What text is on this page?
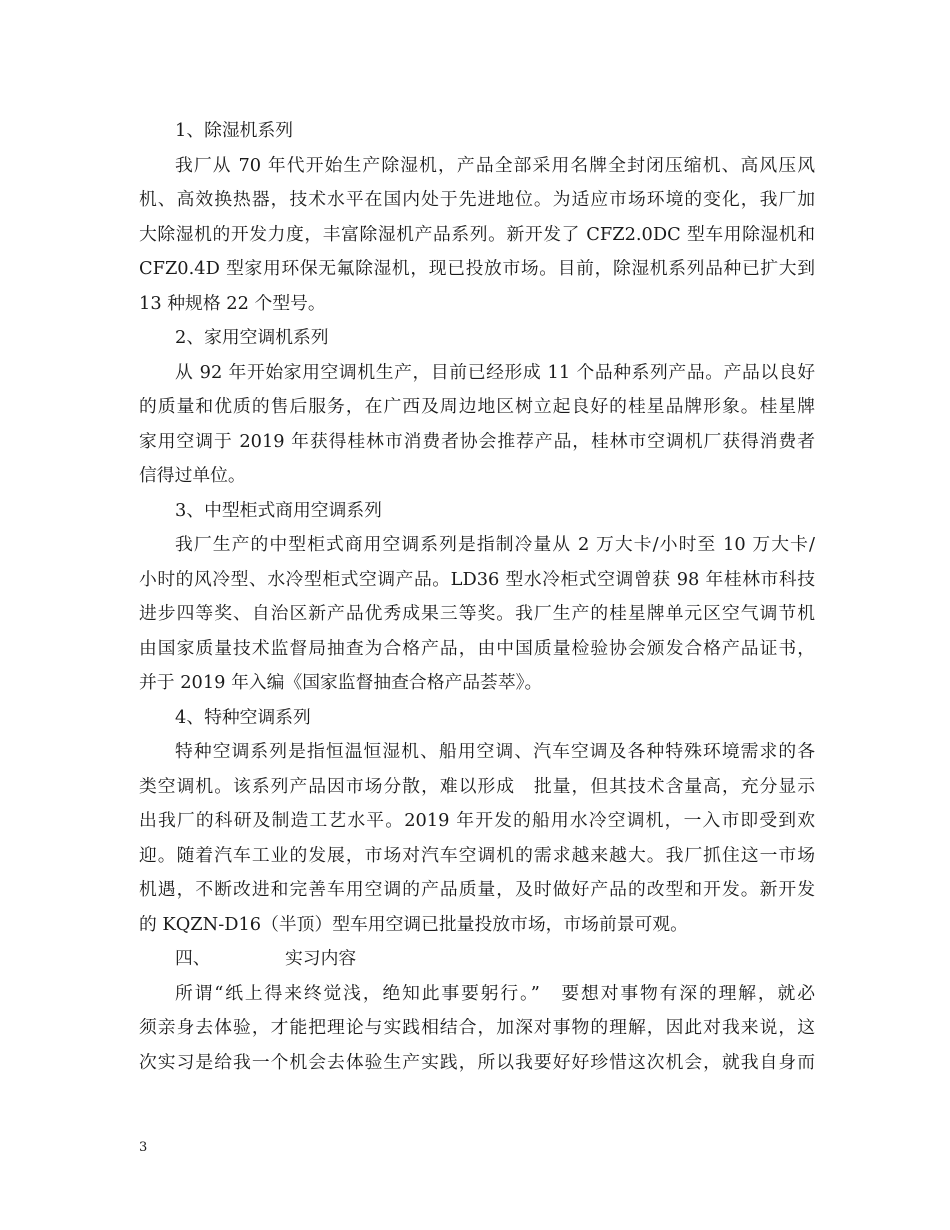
1、除湿机系列
我厂从 70 年代开始生产除湿机，产品全部采用名牌全封闭压缩机、高风压风
机、高效换热器，技术水平在国内处于先进地位。为适应市场环境的变化，我厂加
大除湿机的开发力度，丰富除湿机产品系列。新开发了 CFZ2.0DC 型车用除湿机和
CFZ0.4D 型家用环保无氟除湿机，现已投放市场。目前，除湿机系列品种已扩大到
13 种规格 22 个型号。
2、家用空调机系列
从 92 年开始家用空调机生产，目前已经形成 11 个品种系列产品。产品以良好
的质量和优质的售后服务，在广西及周边地区树立起良好的桂星品牌形象。桂星牌
家用空调于 2019 年获得桂林市消费者协会推荐产品，桂林市空调机厂获得消费者
信得过单位。
3、中型柜式商用空调系列
我厂生产的中型柜式商用空调系列是指制冷量从 2 万大卡/小时至 10 万大卡/
小时的风冷型、水冷型柜式空调产品。LD36 型水冷柜式空调曾获 98 年桂林市科技
进步四等奖、自治区新产品优秀成果三等奖。我厂生产的桂星牌单元区空气调节机
由国家质量技术监督局抽查为合格产品，由中国质量检验协会颁发合格产品证书，
并于 2019 年入编《国家监督抽查合格产品荟萃》。
4、特种空调系列
特种空调系列是指恒温恒湿机、船用空调、汽车空调及各种特殊环境需求的各
类空调机。该系列产品因市场分散，难以形成　批量，但其技术含量高，充分显示
出我厂的科研及制造工艺水平。2019 年开发的船用水冷空调机，一入市即受到欢
迎。随着汽车工业的发展，市场对汽车空调机的需求越来越大。我厂抓住这一市场
机遇，不断改进和完善车用空调的产品质量，及时做好产品的改型和开发。新开发
的 KQZN-D16（半顶）型车用空调已批量投放市场，市场前景可观。
四、	实习内容
所谓“纸上得来终觉浅，绝知此事要躬行。”　要想对事物有深的理解，就必
须亲身去体验，才能把理论与实践相结合，加深对事物的理解，因此对我来说，这
次实习是给我一个机会去体验生产实践，所以我要好好珍惜这次机会，就我自身而
3
